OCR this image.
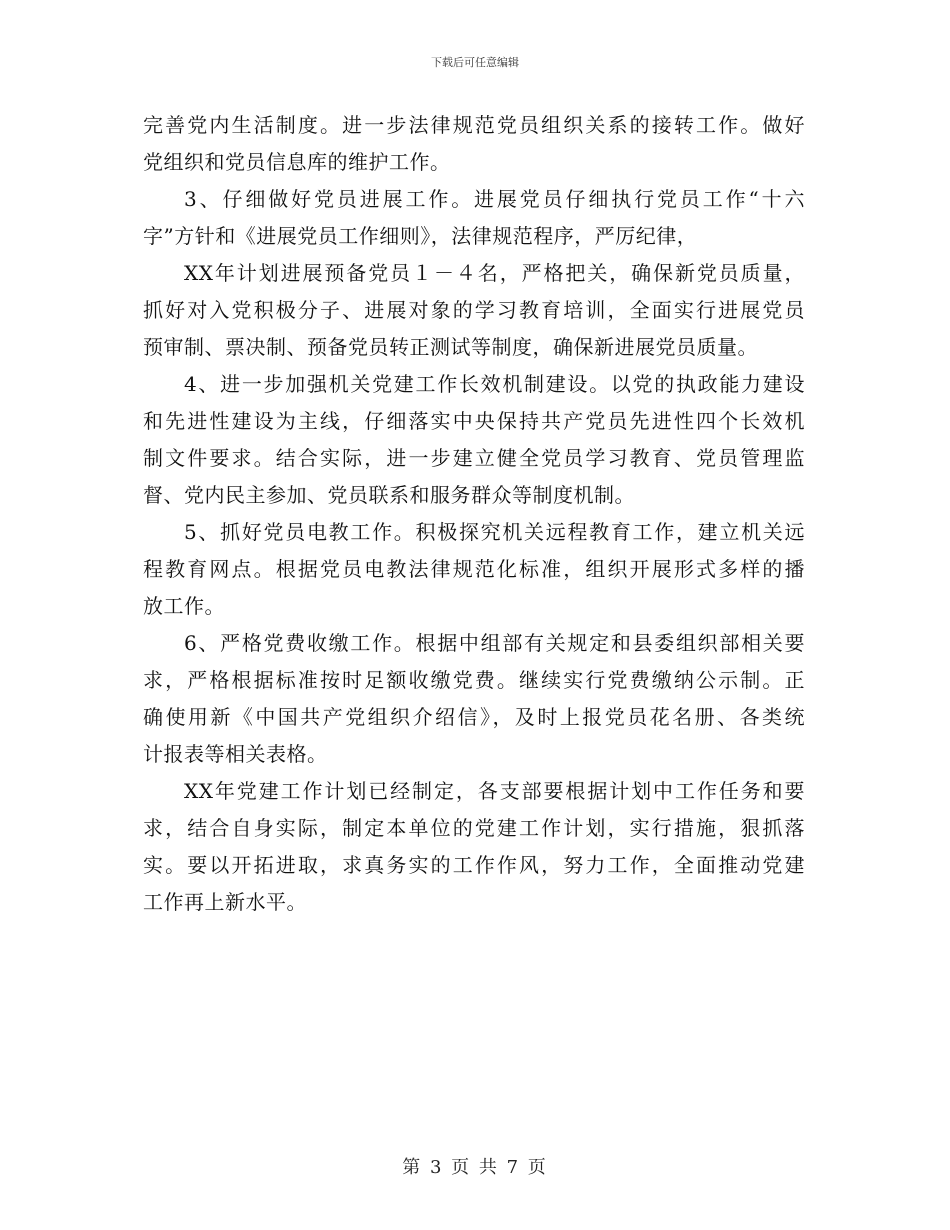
下载后可任意编辑
完善党内生活制度。进一步法律规范党员组织关系的接转工作。做好
党组织和党员信息库的维护工作。
3、仔细做好党员进展工作。进展党员仔细执行党员工作“十六
字”方针和《进展党员工作细则》，法律规范程序，严厉纪律，
XX年计划进展预备党员１－４名，严格把关，确保新党员质量，
抓好对入党积极分子、进展对象的学习教育培训，全面实行进展党员
预审制、票决制、预备党员转正测试等制度，确保新进展党员质量。
4、进一步加强机关党建工作长效机制建设。以党的执政能力建设
和先进性建设为主线，仔细落实中央保持共产党员先进性四个长效机
制文件要求。结合实际，进一步建立健全党员学习教育、党员管理监
督、党内民主参加、党员联系和服务群众等制度机制。
5、抓好党员电教工作。积极探究机关远程教育工作，建立机关远
程教育网点。根据党员电教法律规范化标准，组织开展形式多样的播
放工作。
6、严格党费收缴工作。根据中组部有关规定和县委组织部相关要
求，严格根据标准按时足额收缴党费。继续实行党费缴纳公示制。正
确使用新《中国共产党组织介绍信》，及时上报党员花名册、各类统
计报表等相关表格。
XX年党建工作计划已经制定，各支部要根据计划中工作任务和要
求，结合自身实际，制定本单位的党建工作计划，实行措施，狠抓落
实。要以开拓进取，求真务实的工作作风，努力工作，全面推动党建
工作再上新水平。
第 3 页 共 7 页
